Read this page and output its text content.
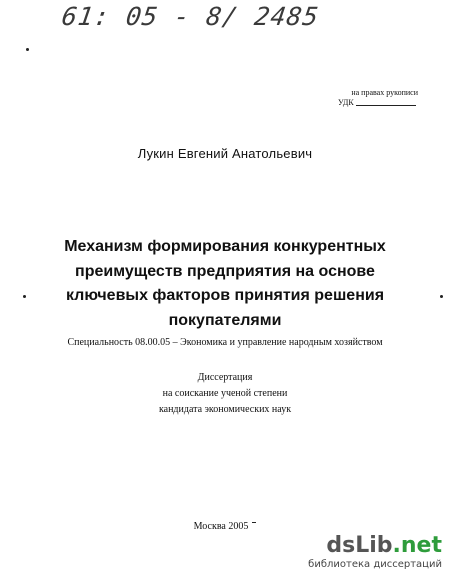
61: 05 - 8/ 2485
на правах рукописи
УДК
Лукин Евгений Анатольевич
Механизм формирования конкурентных
преимуществ предприятия на основе
ключевых факторов принятия решения
покупателями
Специальность 08.00.05 – Экономика и управление народным хозяйством
Диссертация
на соискание ученой степени
кандидата экономических наук
Москва 2005
dsLib.net
библиотека диссертаций
